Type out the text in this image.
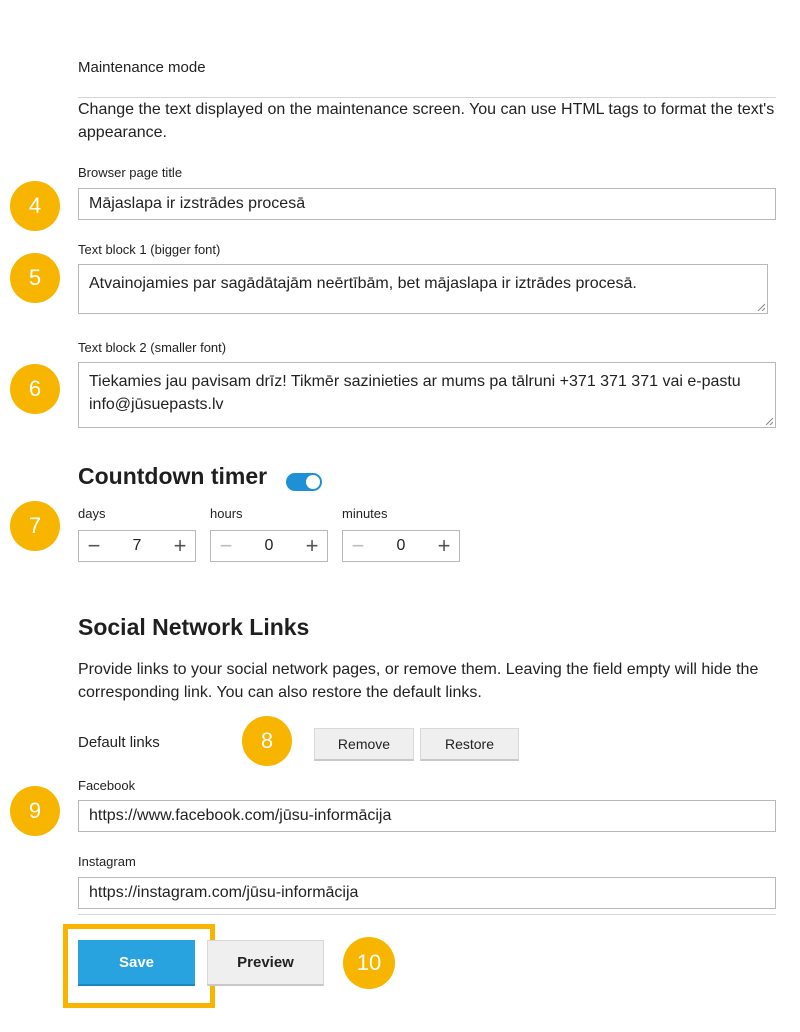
Maintenance mode
Change the text displayed on the maintenance screen. You can use HTML tags to format the text's appearance.
Browser page title
4	Mājaslapa ir izstrādes procesā
Text block 1 (bigger font)
5	Atvainojamies par sagādātajām neērtībām, bet mājaslapa ir iztrādes procesā.
Text block 2 (smaller font)
6	Tiekamies jau pavisam drīz! Tikmēr sazinieties ar mums pa tālruni +371 371 371 vai e-pastu info@jūsuepasts.lv
Countdown timer
7	days
−	7	+
hours
−	0	+
minutes
−	0	+
Social Network Links
Provide links to your social network pages, or remove them. Leaving the field empty will hide the corresponding link. You can also restore the default links.
Default links	8	Remove	Restore
Facebook
9	https://www.facebook.com/jūsu-informācija
Instagram
https://instagram.com/jūsu-informācija
Save	Preview	10
